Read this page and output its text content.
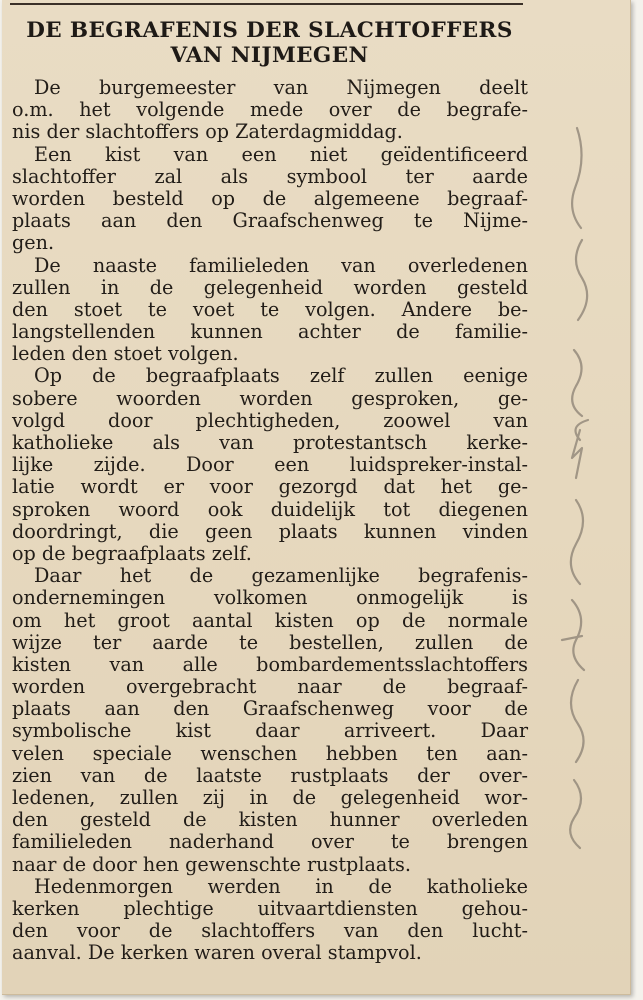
DE BEGRAFENIS DER SLACHTOFFERS
VAN NIJMEGEN
De burgemeester van Nijmegen deelt
o.m. het volgende mede over de begrafe-
nis der slachtoffers op Zaterdagmiddag.
Een kist van een niet geïdentificeerd
slachtoffer zal als symbool ter aarde
worden besteld op de algemeene begraaf-
plaats aan den Graafschenweg te Nijme-
gen.
De naaste familieleden van overledenen
zullen in de gelegenheid worden gesteld
den stoet te voet te volgen. Andere be-
langstellenden kunnen achter de familie-
leden den stoet volgen.
Op de begraafplaats zelf zullen eenige
sobere woorden worden gesproken, ge-
volgd door plechtigheden, zoowel van
katholieke als van protestantsch kerke-
lijke zijde. Door een luidspreker-instal-
latie wordt er voor gezorgd dat het ge-
sproken woord ook duidelijk tot diegenen
doordringt, die geen plaats kunnen vinden
op de begraafplaats zelf.
Daar het de gezamenlijke begrafenis-
ondernemingen volkomen onmogelijk is
om het groot aantal kisten op de normale
wijze ter aarde te bestellen, zullen de
kisten van alle bombardementsslachtoffers
worden overgebracht naar de begraaf-
plaats aan den Graafschenweg voor de
symbolische kist daar arriveert. Daar
velen speciale wenschen hebben ten aan-
zien van de laatste rustplaats der over-
ledenen, zullen zij in de gelegenheid wor-
den gesteld de kisten hunner overleden
familieleden naderhand over te brengen
naar de door hen gewenschte rustplaats.
Hedenmorgen werden in de katholieke
kerken plechtige uitvaartdiensten gehou-
den voor de slachtoffers van den lucht-
aanval. De kerken waren overal stampvol.
